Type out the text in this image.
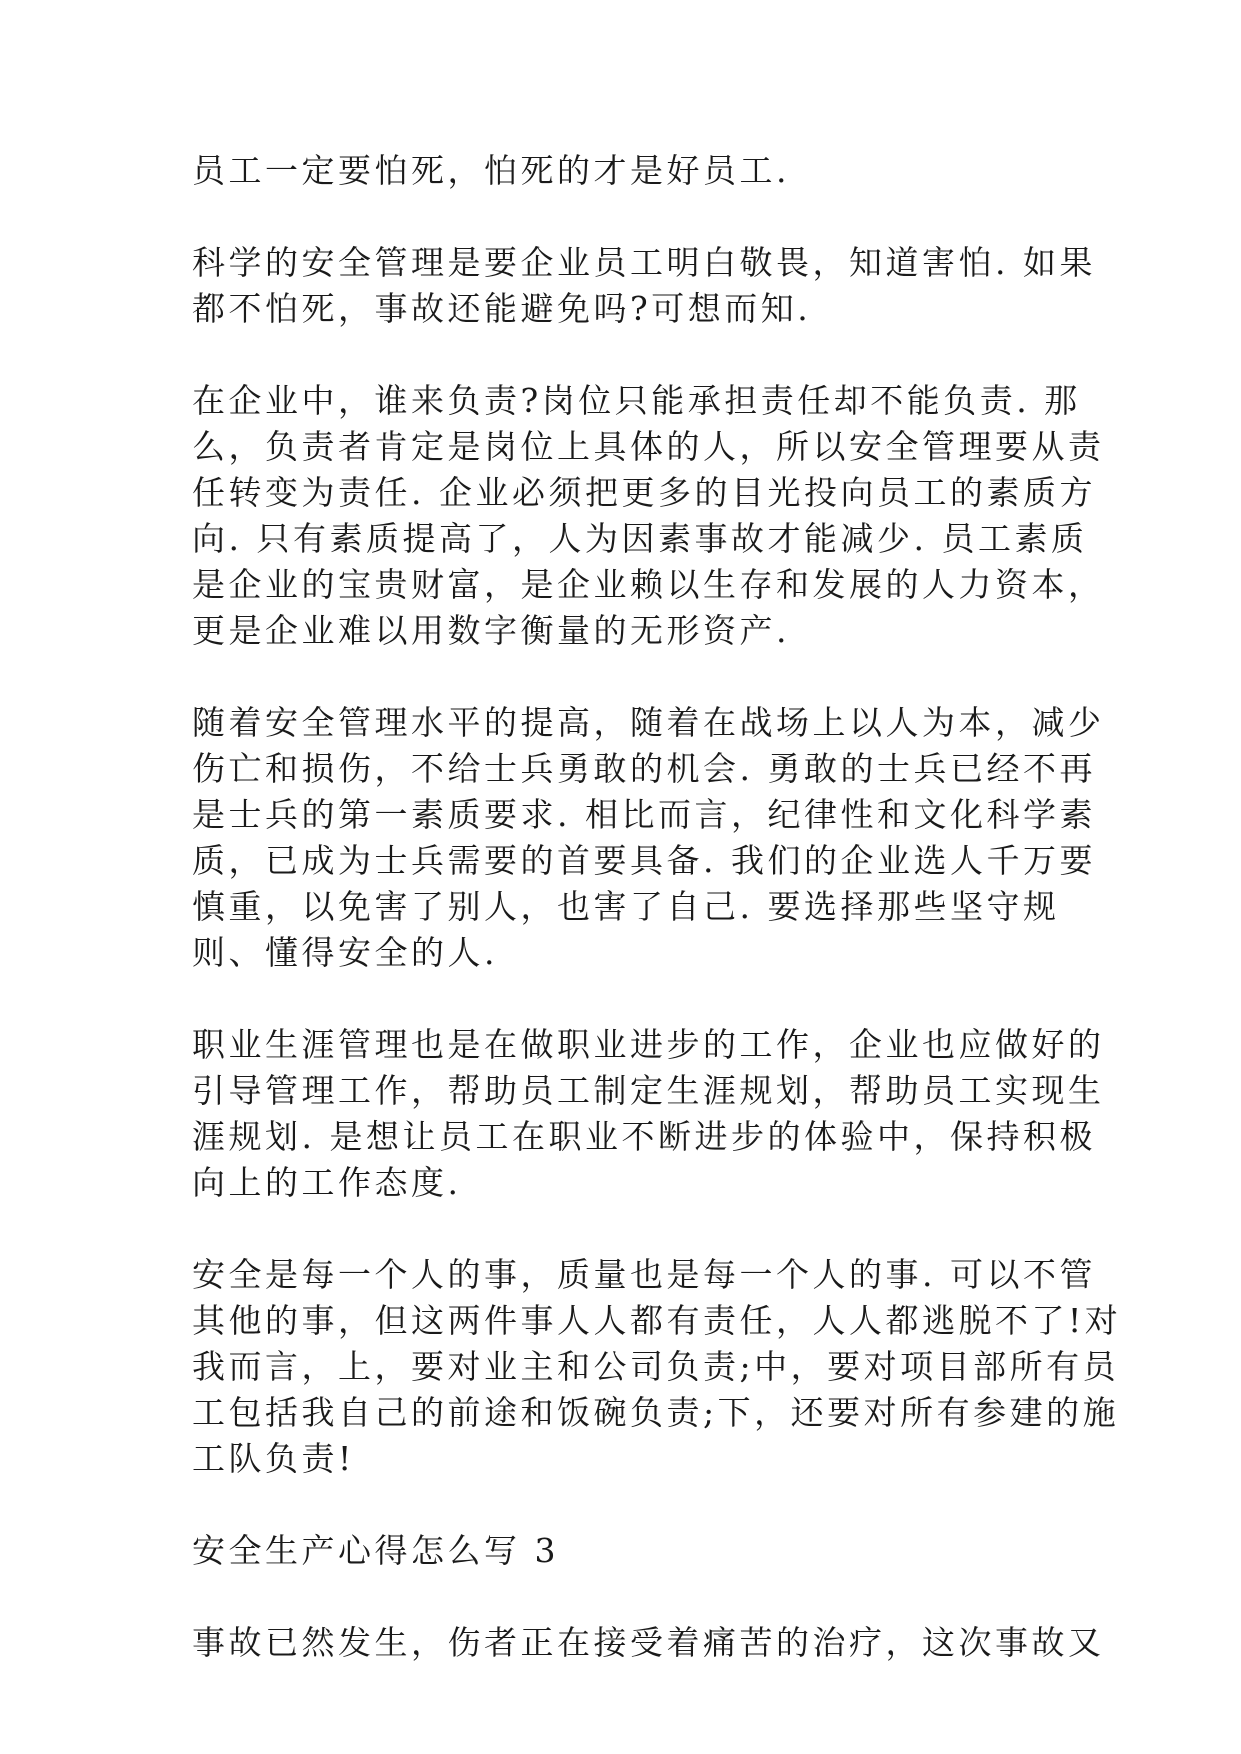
员工一定要怕死，怕死的才是好员工.

科学的安全管理是要企业员工明白敬畏，知道害怕. 如果
都不怕死，事故还能避免吗?可想而知.

在企业中，谁来负责?岗位只能承担责任却不能负责. 那
么，负责者肯定是岗位上具体的人，所以安全管理要从责
任转变为责任. 企业必须把更多的目光投向员工的素质方
向. 只有素质提高了，人为因素事故才能减少. 员工素质
是企业的宝贵财富，是企业赖以生存和发展的人力资本，
更是企业难以用数字衡量的无形资产.

随着安全管理水平的提高，随着在战场上以人为本，减少
伤亡和损伤，不给士兵勇敢的机会. 勇敢的士兵已经不再
是士兵的第一素质要求. 相比而言，纪律性和文化科学素
质，已成为士兵需要的首要具备. 我们的企业选人千万要
慎重，以免害了别人，也害了自己. 要选择那些坚守规
则、懂得安全的人.

职业生涯管理也是在做职业进步的工作，企业也应做好的
引导管理工作，帮助员工制定生涯规划，帮助员工实现生
涯规划. 是想让员工在职业不断进步的体验中，保持积极
向上的工作态度.

安全是每一个人的事，质量也是每一个人的事. 可以不管
其他的事，但这两件事人人都有责任，人人都逃脱不了!对
我而言，上，要对业主和公司负责;中，要对项目部所有员
工包括我自己的前途和饭碗负责;下，还要对所有参建的施
工队负责!

安全生产心得怎么写 3

事故已然发生，伤者正在接受着痛苦的治疗，这次事故又
